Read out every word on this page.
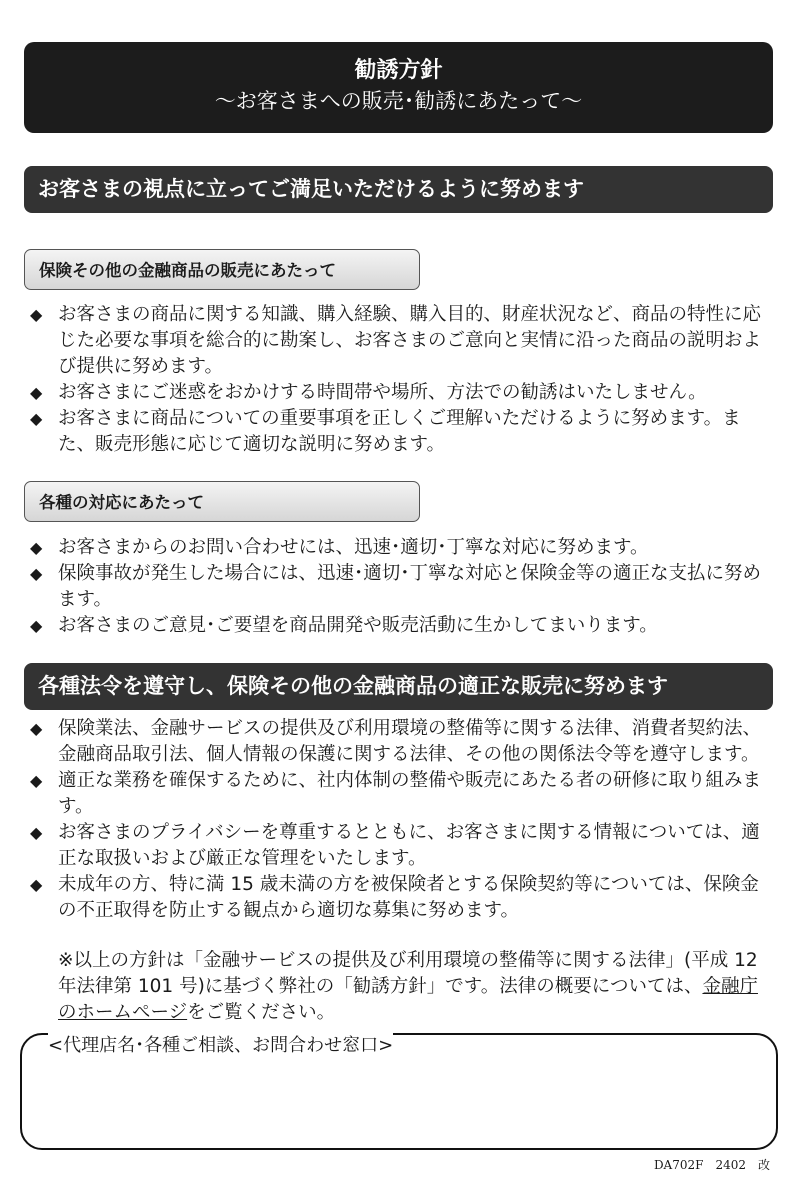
勧誘方針
～お客さまへの販売･勧誘にあたって～
お客さまの視点に立ってご満足いただけるように努めます
保険その他の金融商品の販売にあたって
◆ お客さまの商品に関する知識、購入経験、購入目的、財産状況など、商品の特性に応じた必要な事項を総合的に勘案し、お客さまのご意向と実情に沿った商品の説明および提供に努めます。
◆ お客さまにご迷惑をおかけする時間帯や場所、方法での勧誘はいたしません。
◆ お客さまに商品についての重要事項を正しくご理解いただけるように努めます。また、販売形態に応じて適切な説明に努めます。
各種の対応にあたって
◆ お客さまからのお問い合わせには、迅速･適切･丁寧な対応に努めます。
◆ 保険事故が発生した場合には、迅速･適切･丁寧な対応と保険金等の適正な支払に努めます。
◆ お客さまのご意見･ご要望を商品開発や販売活動に生かしてまいります。
各種法令を遵守し、保険その他の金融商品の適正な販売に努めます
◆ 保険業法、金融サービスの提供及び利用環境の整備等に関する法律、消費者契約法、金融商品取引法、個人情報の保護に関する法律、その他の関係法令等を遵守します。
◆ 適正な業務を確保するために、社内体制の整備や販売にあたる者の研修に取り組みます。
◆ お客さまのプライバシーを尊重するとともに、お客さまに関する情報については、適正な取扱いおよび厳正な管理をいたします。
◆ 未成年の方、特に満 15 歳未満の方を被保険者とする保険契約等については、保険金の不正取得を防止する観点から適切な募集に努めます。
※以上の方針は「金融サービスの提供及び利用環境の整備等に関する法律」(平成 12 年法律第 101 号)に基づく弊社の「勧誘方針」です。法律の概要については、金融庁のホームページをご覧ください。
<代理店名･各種ご相談、お問合わせ窓口>
DA702F　2402　改
